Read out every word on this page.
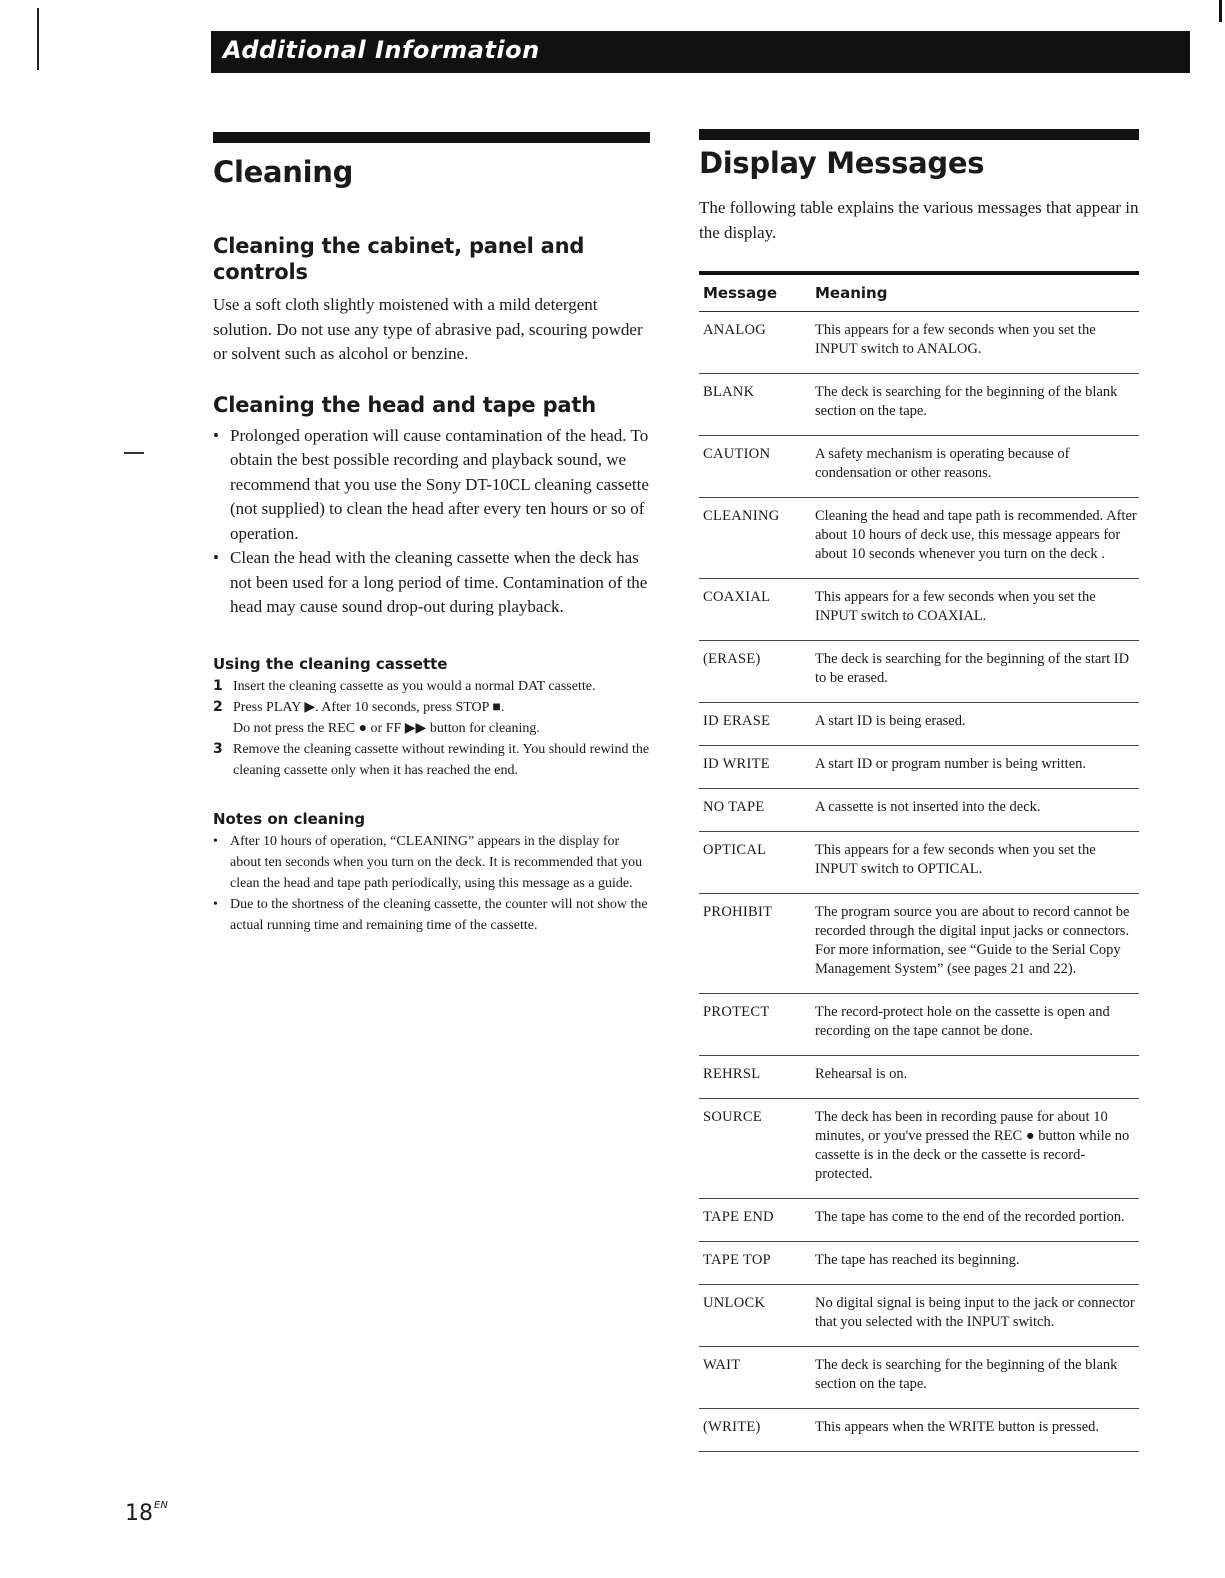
Additional Information
Cleaning
Cleaning the cabinet, panel and controls

Use a soft cloth slightly moistened with a mild detergent solution. Do not use any type of abrasive pad, scouring powder or solvent such as alcohol or benzine.

Cleaning the head and tape path
• Prolonged operation will cause contamination of the head. To obtain the best possible recording and playback sound, we recommend that you use the Sony DT-10CL cleaning cassette (not supplied) to clean the head after every ten hours or so of operation.
• Clean the head with the cleaning cassette when the deck has not been used for a long period of time. Contamination of the head may cause sound drop-out during playback.
Using the cleaning cassette
1 Insert the cleaning cassette as you would a normal DAT cassette.
2 Press PLAY ▶. After 10 seconds, press STOP ■.
Do not press the REC ● or FF ▶▶ button for cleaning.
3 Remove the cleaning cassette without rewinding it. You should rewind the cleaning cassette only when it has reached the end.
Notes on cleaning
• After 10 hours of operation, “CLEANING” appears in the display for about ten seconds when you turn on the deck. It is recommended that you clean the head and tape path periodically, using this message as a guide.
• Due to the shortness of the cleaning cassette, the counter will not show the actual running time and remaining time of the cassette.
Display Messages

The following table explains the various messages that appear in the display.

Message	Meaning
ANALOG	This appears for a few seconds when you set the INPUT switch to ANALOG.
BLANK	The deck is searching for the beginning of the blank section on the tape.
CAUTION	A safety mechanism is operating because of condensation or other reasons.
CLEANING	Cleaning the head and tape path is recommended. After about 10 hours of deck use, this message appears for about 10 seconds whenever you turn on the deck .
COAXIAL	This appears for a few seconds when you set the INPUT switch to COAXIAL.
(ERASE)	The deck is searching for the beginning of the start ID to be erased.
ID ERASE	A start ID is being erased.
ID WRITE	A start ID or program number is being written.
NO TAPE	A cassette is not inserted into the deck.
OPTICAL	This appears for a few seconds when you set the INPUT switch to OPTICAL.
PROHIBIT	The program source you are about to record cannot be recorded through the digital input jacks or connectors. For more information, see “Guide to the Serial Copy Management System” (see pages 21 and 22).
PROTECT	The record-protect hole on the cassette is open and recording on the tape cannot be done.
REHRSL	Rehearsal is on.
SOURCE	The deck has been in recording pause for about 10 minutes, or you've pressed the REC ● button while no cassette is in the deck or the cassette is record-protected.
TAPE END	The tape has come to the end of the recorded portion.
TAPE TOP	The tape has reached its beginning.
UNLOCK	No digital signal is being input to the jack or connector that you selected with the INPUT switch.
WAIT	The deck is searching for the beginning of the blank section on the tape.
(WRITE)	This appears when the WRITE button is pressed.
$18^{EN}$
